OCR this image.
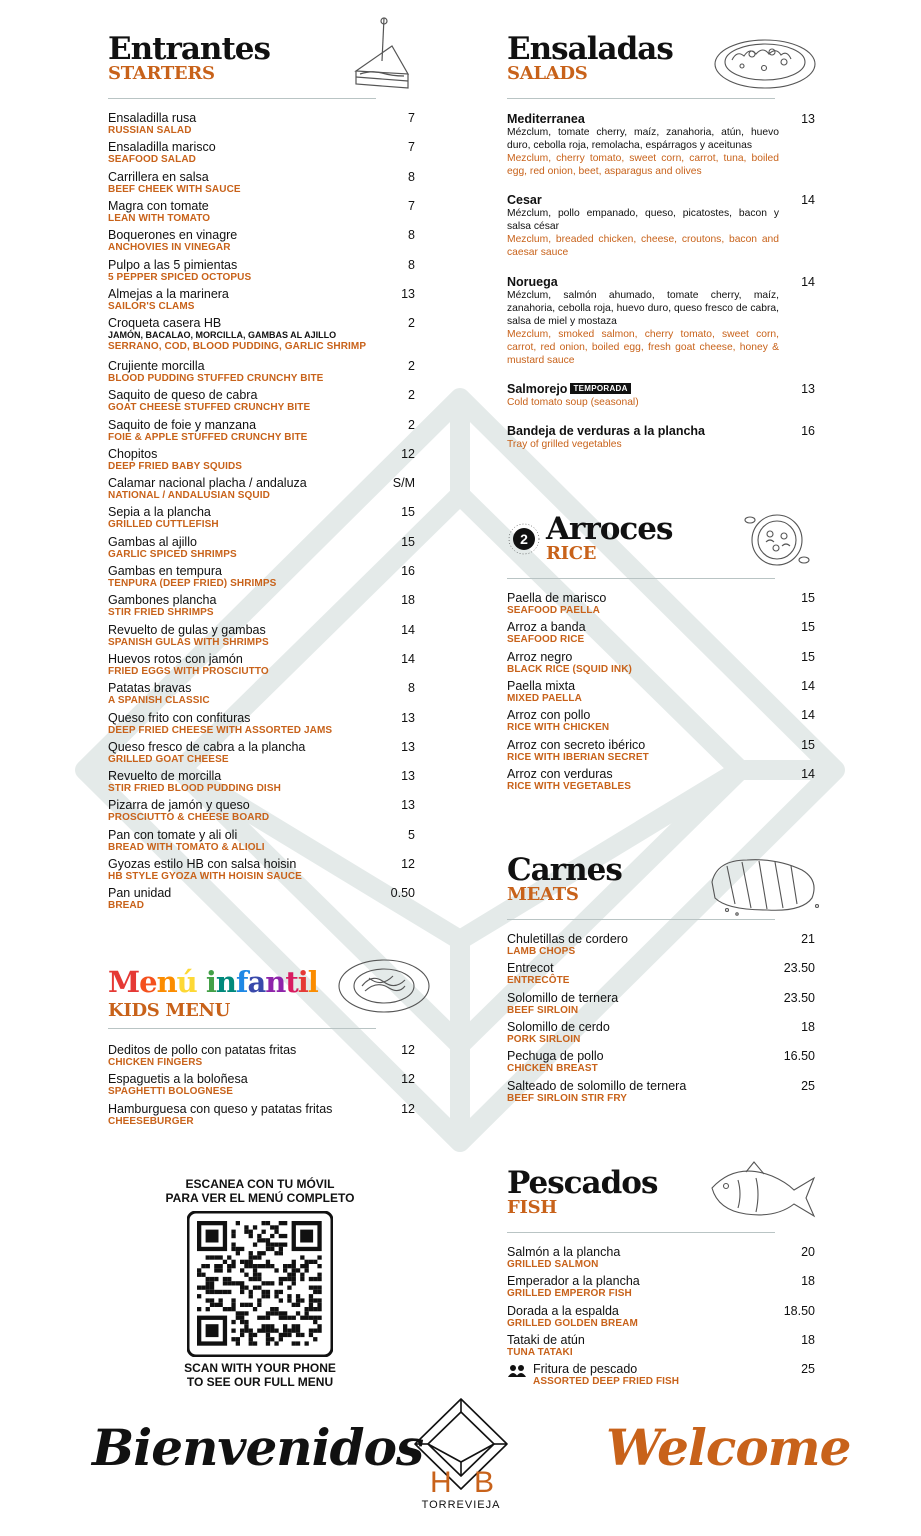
Entrantes
STARTERS
Ensaladilla rusa
RUSSIAN SALAD
7
Ensaladilla marisco
SEAFOOD SALAD
7
Carrillera en salsa
BEEF CHEEK WITH SAUCE
8
Magra con tomate
LEAN WITH TOMATO
7
Boquerones en vinagre
ANCHOVIES IN VINEGAR
8
Pulpo a las 5 pimientas
5 PEPPER SPICED OCTOPUS
8
Almejas a la marinera
SAILOR'S CLAMS
13
Croqueta casera HB
JAMÓN, BACALAO, MORCILLA, GAMBAS AL AJILLO
SERRANO, COD, BLOOD PUDDING, GARLIC SHRIMP
2
Crujiente morcilla
BLOOD PUDDING STUFFED CRUNCHY BITE
2
Saquito de queso de cabra
GOAT CHEESE STUFFED CRUNCHY BITE
2
Saquito de foie y manzana
FOIE & APPLE STUFFED CRUNCHY BITE
2
Chopitos
DEEP FRIED BABY SQUIDS
12
Calamar nacional placha / andaluza
NATIONAL / ANDALUSIAN SQUID
S/M
Sepia a la plancha
GRILLED CUTTLEFISH
15
Gambas al ajillo
GARLIC SPICED SHRIMPS
15
Gambas en tempura
TENPURA (DEEP FRIED) SHRIMPS
16
Gambones plancha
STIR FRIED SHRIMPS
18
Revuelto de gulas y gambas
SPANISH GULAS WITH SHRIMPS
14
Huevos rotos con jamón
FRIED EGGS WITH PROSCIUTTO
14
Patatas bravas
A SPANISH CLASSIC
8
Queso frito con confituras
DEEP FRIED CHEESE WITH ASSORTED JAMS
13
Queso fresco de cabra a la plancha
GRILLED GOAT CHEESE
13
Revuelto de morcilla
STIR FRIED BLOOD PUDDING DISH
13
Pizarra de jamón y queso
PROSCIUTTO & CHEESE BOARD
13
Pan con tomate y ali oli
BREAD WITH TOMATO & ALIOLI
5
Gyozas estilo HB con salsa hoisin
HB STYLE GYOZA WITH HOISIN SAUCE
12
Pan unidad
BREAD
0.50
Menú infantil
KIDS MENU
Deditos de pollo con patatas fritas
CHICKEN FINGERS
12
Espaguetis a la boloñesa
SPAGHETTI BOLOGNESE
12
Hamburguesa con queso y patatas fritas
CHEESEBURGER
12
ESCANEA CON TU MÓVIL
PARA VER EL MENÚ COMPLETO
SCAN WITH YOUR PHONE
TO SEE OUR FULL MENU
Ensaladas
SALADS
Mediterranea
Mézclum, tomate cherry, maíz, zanahoria, atún, huevo duro, cebolla roja, remolacha, espárragos y aceitunas
Mezclum, cherry tomato, sweet corn, carrot, tuna, boiled egg, red onion, beet, asparagus and olives
13
Cesar
Mézclum, pollo empanado, queso, picatostes, bacon y salsa césar
Mezclum, breaded chicken, cheese, croutons, bacon and caesar sauce
14
Noruega
Mézclum, salmón ahumado, tomate cherry, maíz, zanahoria, cebolla roja, huevo duro, queso fresco de cabra, salsa de miel y mostaza
Mezclum, smoked salmon, cherry tomato, sweet corn, carrot, red onion, boiled egg, fresh goat cheese, honey & mustard sauce
14
Salmorejo TEMPORADA
Cold tomato soup (seasonal)
13
Bandeja de verduras a la plancha
Tray of grilled vegetables
16
2 Arroces
RICE
Paella de marisco
SEAFOOD PAELLA
15
Arroz a banda
SEAFOOD RICE
15
Arroz negro
BLACK RICE (SQUID INK)
15
Paella mixta
MIXED PAELLA
14
Arroz con pollo
RICE WITH CHICKEN
14
Arroz con secreto ibérico
RICE WITH IBERIAN SECRET
15
Arroz con verduras
RICE WITH VEGETABLES
14
Carnes
MEATS
Chuletillas de cordero
LAMB CHOPS
21
Entrecot
ENTRECÔTE
23.50
Solomillo de ternera
BEEF SIRLOIN
23.50
Solomillo de cerdo
PORK SIRLOIN
18
Pechuga de pollo
CHICKEN BREAST
16.50
Salteado de solomillo de ternera
BEEF SIRLOIN STIR FRY
25
Pescados
FISH
Salmón a la plancha
GRILLED SALMON
20
Emperador a la plancha
GRILLED EMPEROR FISH
18
Dorada a la espalda
GRILLED GOLDEN BREAM
18.50
Tataki de atún
TUNA TATAKI
18
Fritura de pescado
ASSORTED DEEP FRIED FISH
25
Bienvenidos	Welcome
H B
TORREVIEJA
